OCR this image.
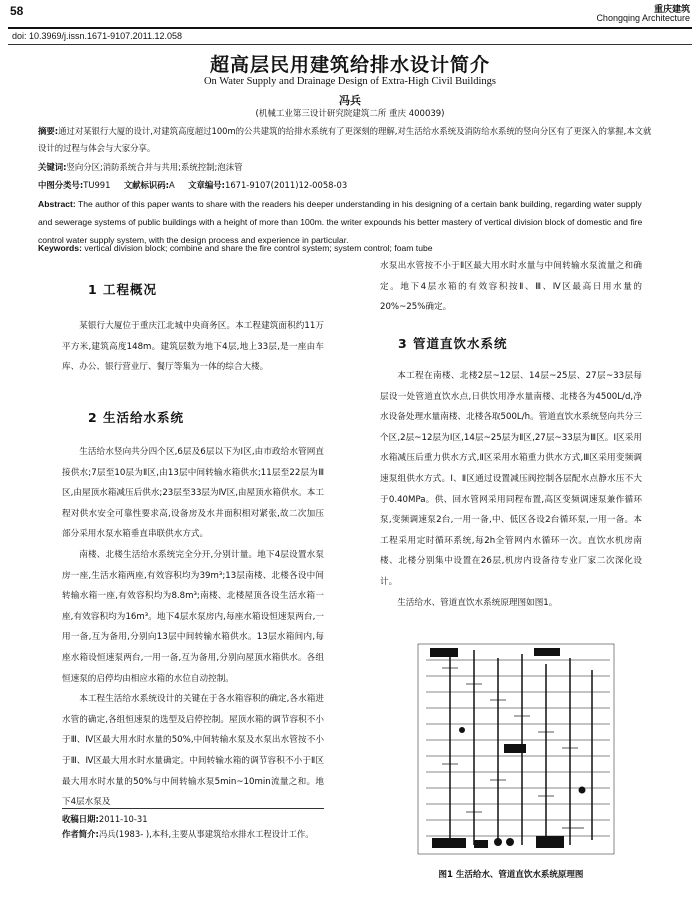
58	重庆建筑
Chongqing Architecture
doi: 10.3969/j.issn.1671-9107.2011.12.058
超高层民用建筑给排水设计简介
On Water Supply and Drainage Design of Extra-High Civil Buildings
冯兵
(机械工业第三设计研究院建筑二所 重庆 400039)
摘要:通过对某银行大厦的设计,对建筑高度超过100m的公共建筑的给排水系统有了更深刻的理解,对生活给水系统及消防给水系统的竖向分区有了更深入的掌握,本文就设计的过程与体会与大家分享。
关键词:竖向分区;消防系统合并与共用;系统控制;泡沫管
中图分类号:TU991 文献标识码:A 文章编号:1671-9107(2011)12-0058-03
Abstract: The author of this paper wants to share with the readers his deeper understanding in his designing of a certain bank building, regarding water supply and sewerage systems of public buildings with a height of more than 100m. the writer expounds his better mastery of vertical division block of domestic and fire control water supply system, with the design process and experience in particular.
Keywords: vertical division block; combine and share the fire control system; system control; foam tube
1 工程概况

某银行大厦位于重庆江北城中央商务区。本工程建筑面积约11万平方米,建筑高度148m。建筑层数为地下4层,地上33层,是一座由车库、办公、银行营业厅、餐厅等集为一体的综合大楼。

2 生活给水系统

生活给水竖向共分四个区,6层及6层以下为Ⅰ区,由市政给水管网直接供水;7层至10层为Ⅱ区,由13层中间转输水箱供水;11层至22层为Ⅲ区,由屋顶水箱减压后供水;23层至33层为Ⅳ区,由屋顶水箱供水。本工程对供水安全可靠性要求高,设备房及水井面积相对紧张,故二次加压部分采用水泵水箱垂直串联供水方式。

南楼、北楼生活给水系统完全分开,分别计量。地下4层设置水泵房一座,生活水箱两座,有效容积均为39m³;13层南楼、北楼各设中间转输水箱一座,有效容积均为8.8m³;南楼、北楼屋顶各设生活水箱一座,有效容积均为16m³。地下4层水泵房内,每座水箱设恒速泵两台,一用一备,互为备用,分别向13层中间转输水箱供水。13层水箱间内,每座水箱设恒速泵两台,一用一备,互为备用,分别向屋顶水箱供水。各组恒速泵的启停均由相应水箱的水位自动控制。

本工程生活给水系统设计的关键在于各水箱容积的确定,各水箱进水管的确定,各组恒速泵的选型及启停控制。屋顶水箱的调节容积不小于Ⅲ、Ⅳ区最大用水时水量的50%,中间转输水泵及水泵出水管按不小于Ⅲ、Ⅳ区最大用水时水量确定。中间转输水箱的调节容积不小于Ⅱ区最大用水时水量的50%与中间转输水泵5min~10min流量之和。地下4层水泵及

收稿日期:2011-10-31
作者简介:冯兵(1983- ),本科,主要从事建筑给水排水工程设计工作。

水泵出水管按不小于Ⅱ区最大用水时水量与中间转输水泵流量之和确定。地下4层水箱的有效容积按Ⅱ、Ⅲ、Ⅳ区最高日用水量的20%~25%确定。

3 管道直饮水系统

本工程在南楼、北楼2层~12层、14层~25层、27层~33层每层设一处管道直饮水点,日供饮用净水量南楼、北楼各为4500L/d,净水设备处理水量南楼、北楼各取500L/h。管道直饮水系统竖向共分三个区,2层~12层为Ⅰ区,14层~25层为Ⅱ区,27层~33层为Ⅲ区。Ⅰ区采用水箱减压后重力供水方式,Ⅱ区采用水箱重力供水方式,Ⅲ区采用变频调速泵组供水方式。Ⅰ、Ⅱ区通过设置减压阀控制各层配水点静水压不大于0.40MPa。供、回水管网采用同程布置,高区变频调速泵兼作循环泵,变频调速泵2台,一用一备,中、低区各设2台循环泵,一用一备。本工程采用定时循环系统,每2h全管网内水循环一次。直饮水机房南楼、北楼分别集中设置在26层,机房内设备待专业厂家二次深化设计。

生活给水、管道直饮水系统原理图如图1。

图1 生活给水、管道直饮水系统原理图
